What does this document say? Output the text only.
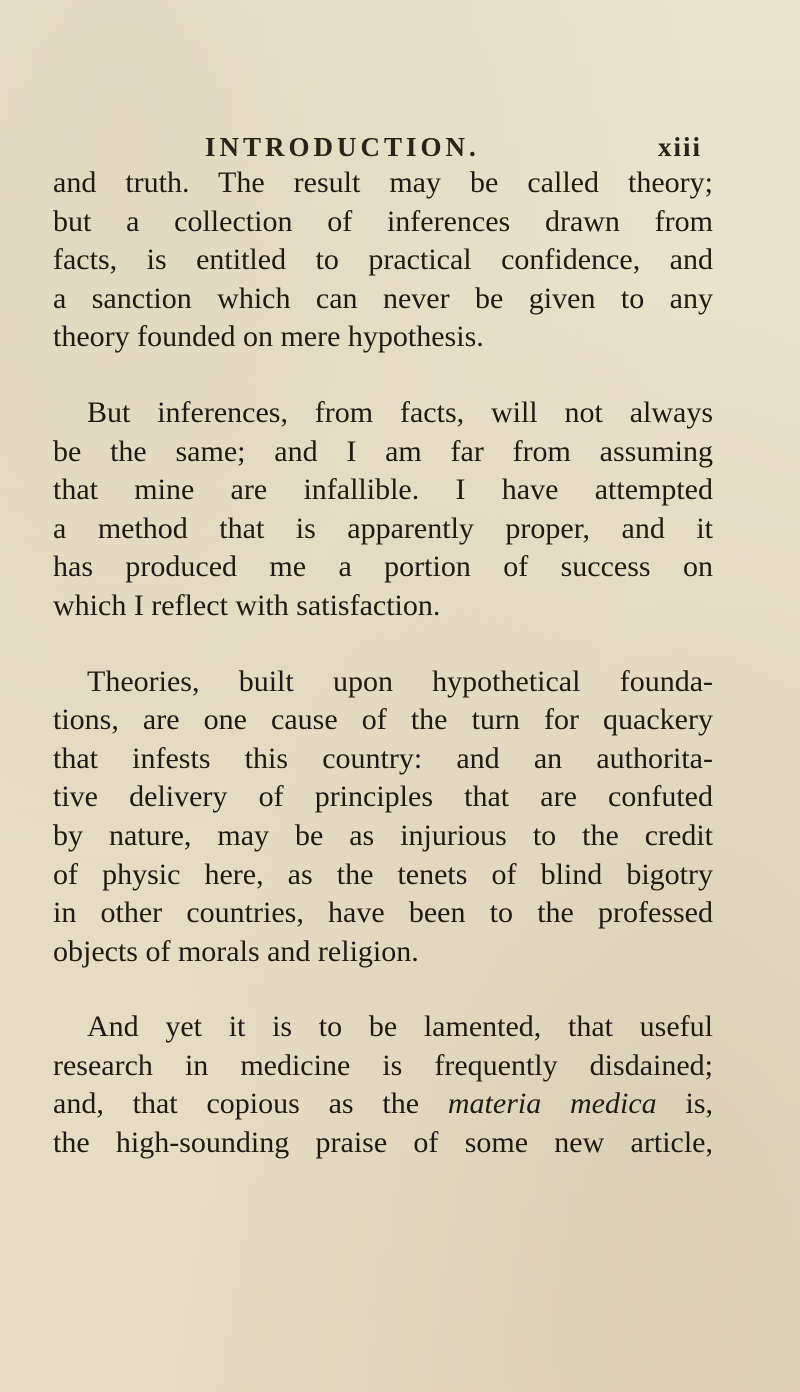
INTRODUCTION.	xiii
and truth. The result may be called theory;
but a collection of inferences drawn from
facts, is entitled to practical confidence, and
a sanction which can never be given to any
theory founded on mere hypothesis.
But inferences, from facts, will not always
be the same; and I am far from assuming
that mine are infallible. I have attempted
a method that is apparently proper, and it
has produced me a portion of success on
which I reflect with satisfaction.
Theories, built upon hypothetical founda-
tions, are one cause of the turn for quackery
that infests this country: and an authorita-
tive delivery of principles that are confuted
by nature, may be as injurious to the credit
of physic here, as the tenets of blind bigotry
in other countries, have been to the professed
objects of morals and religion.
And yet it is to be lamented, that useful
research in medicine is frequently disdained;
and, that copious as the materia medica is,
the high-sounding praise of some new article,
